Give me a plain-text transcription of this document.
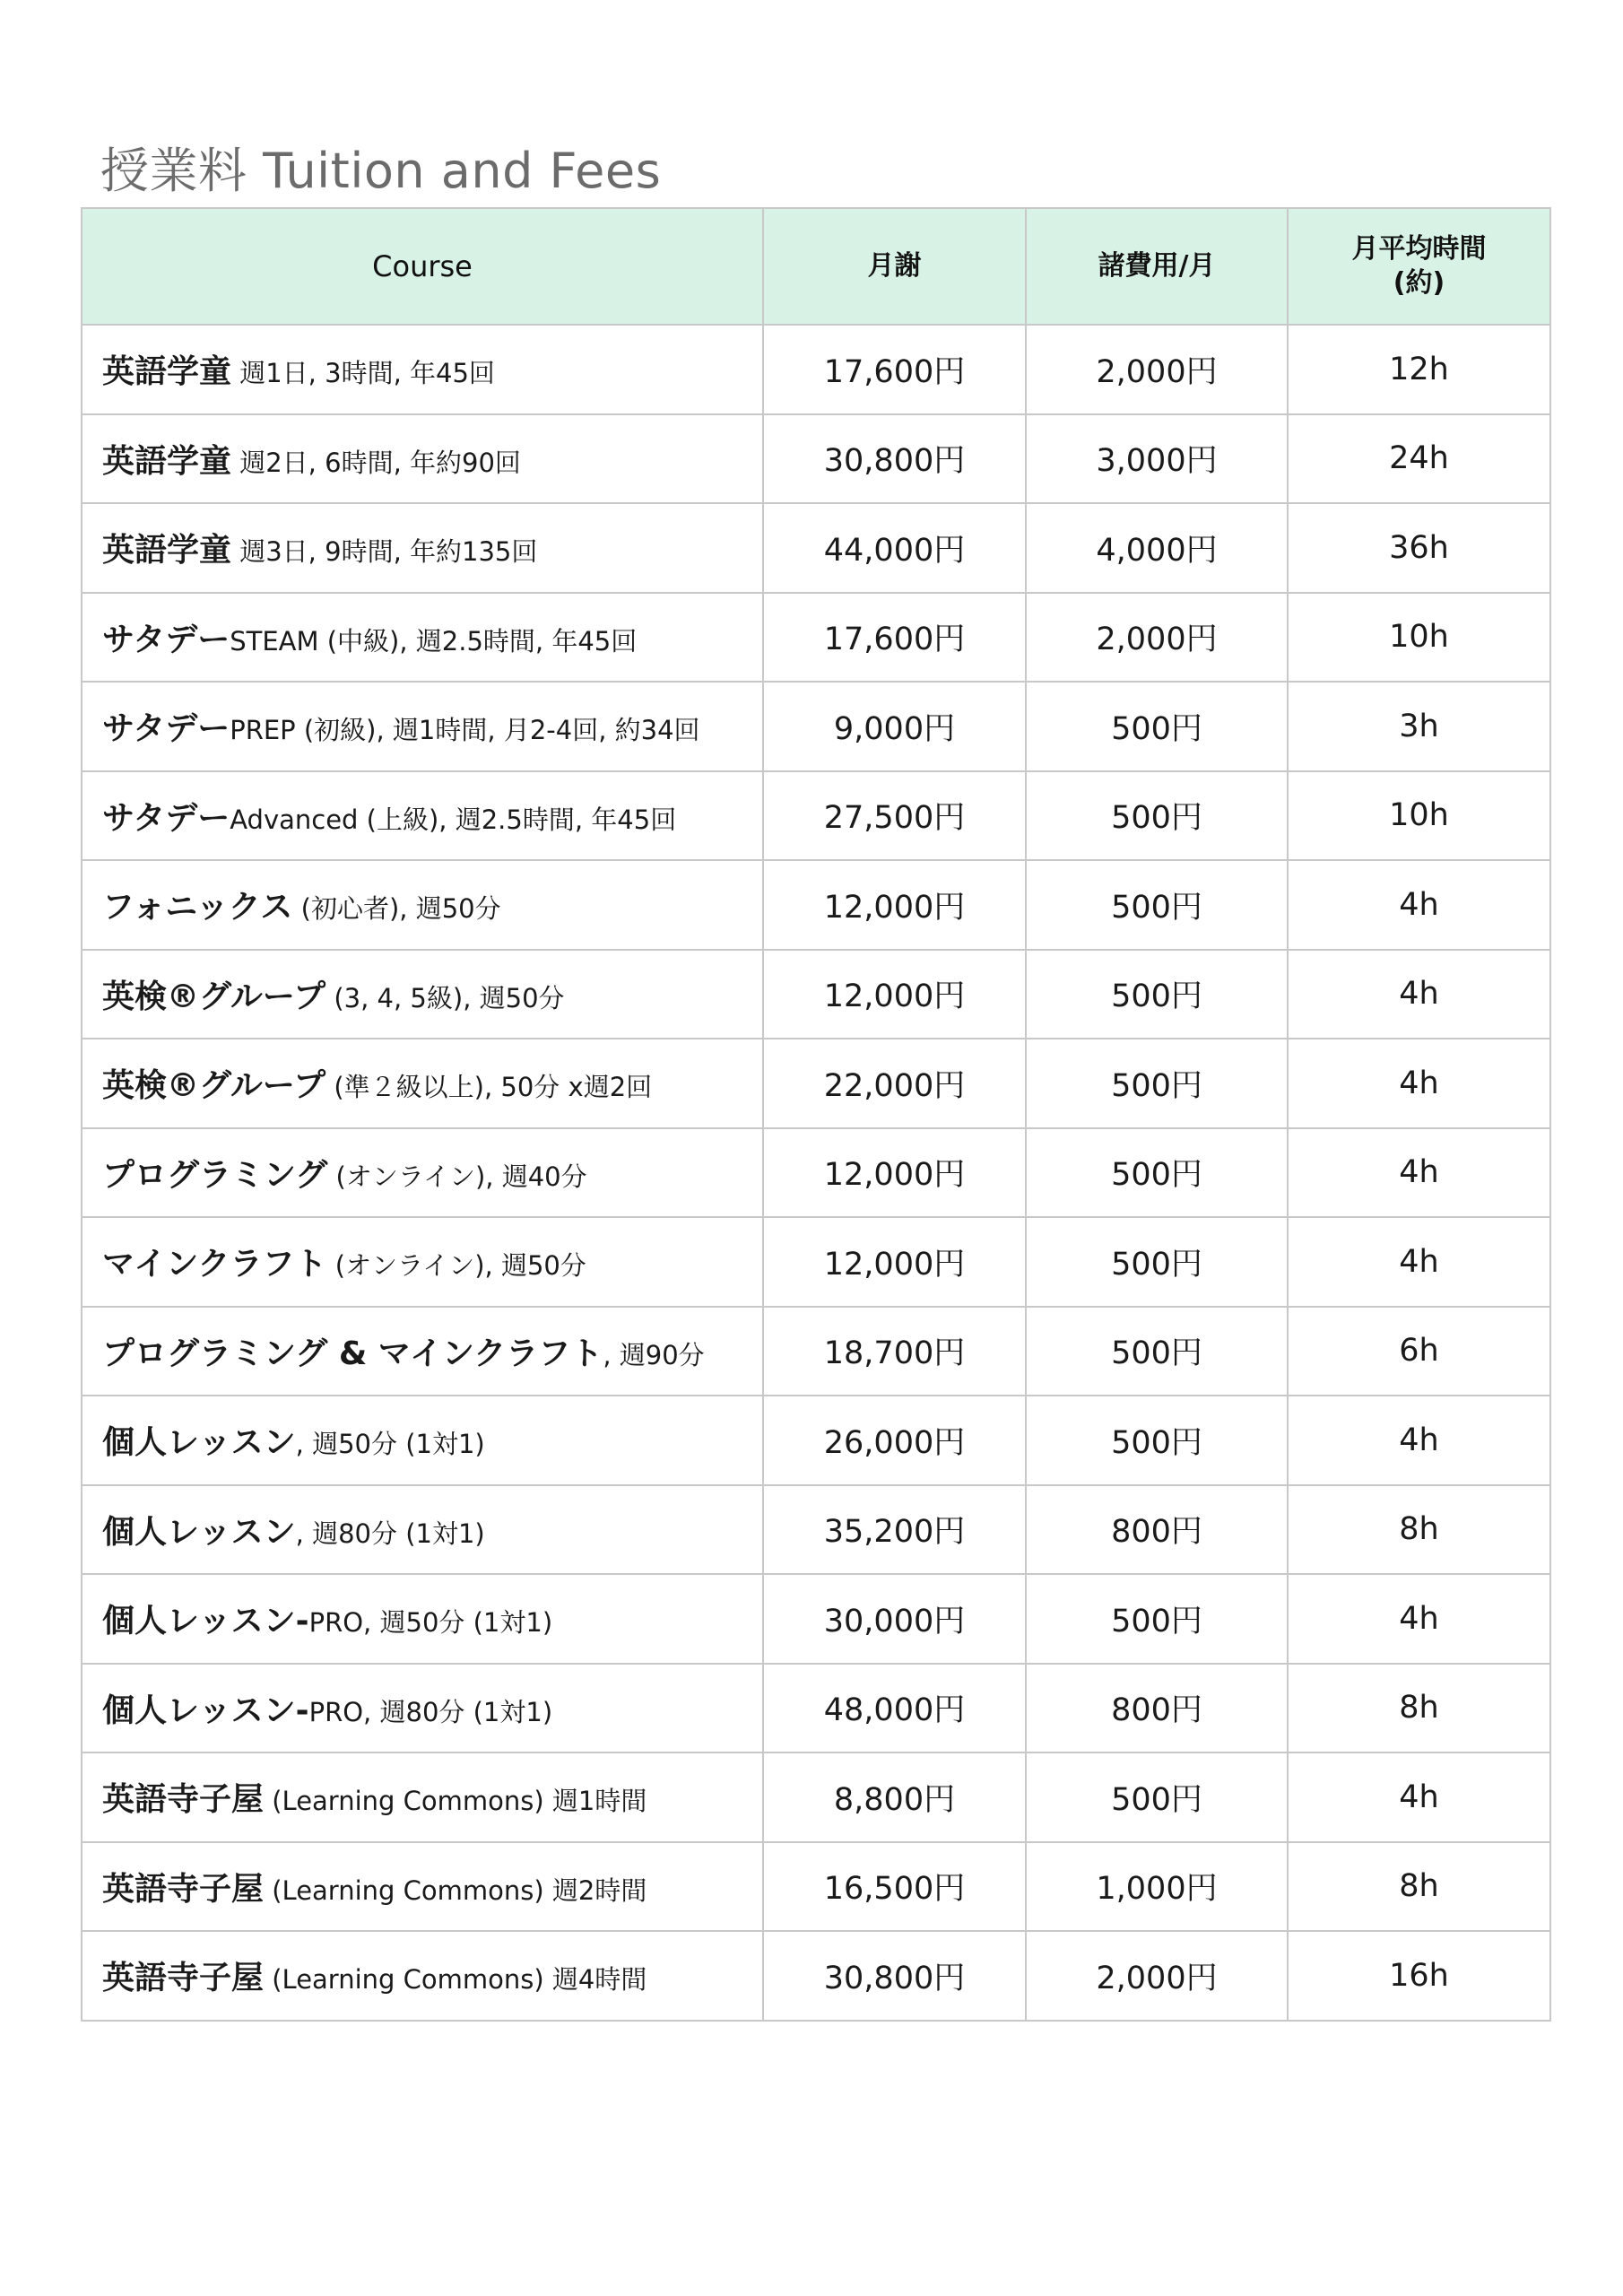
授業料 Tuition and Fees
Course	月謝	諸費用/月	月平均時間
(約)
英語学童 週1日, 3時間, 年45回	17,600円	2,000円	12h
英語学童 週2日, 6時間, 年約90回	30,800円	3,000円	24h
英語学童 週3日, 9時間, 年約135回	44,000円	4,000円	36h
サタデーSTEAM (中級), 週2.5時間, 年45回	17,600円	2,000円	10h
サタデーPREP (初級), 週1時間, 月2-4回, 約34回	9,000円	500円	3h
サタデーAdvanced (上級), 週2.5時間, 年45回	27,500円	500円	10h
フォニックス (初心者), 週50分	12,000円	500円	4h
英検®グループ (3, 4, 5級), 週50分	12,000円	500円	4h
英検®グループ (準２級以上), 50分 x週2回	22,000円	500円	4h
プログラミング (オンライン), 週40分	12,000円	500円	4h
マインクラフト (オンライン), 週50分	12,000円	500円	4h
プログラミング & マインクラフト, 週90分	18,700円	500円	6h
個人レッスン, 週50分 (1対1)	26,000円	500円	4h
個人レッスン, 週80分 (1対1)	35,200円	800円	8h
個人レッスン-PRO, 週50分 (1対1)	30,000円	500円	4h
個人レッスン-PRO, 週80分 (1対1)	48,000円	800円	8h
英語寺子屋 (Learning Commons) 週1時間	8,800円	500円	4h
英語寺子屋 (Learning Commons) 週2時間	16,500円	1,000円	8h
英語寺子屋 (Learning Commons) 週4時間	30,800円	2,000円	16h
